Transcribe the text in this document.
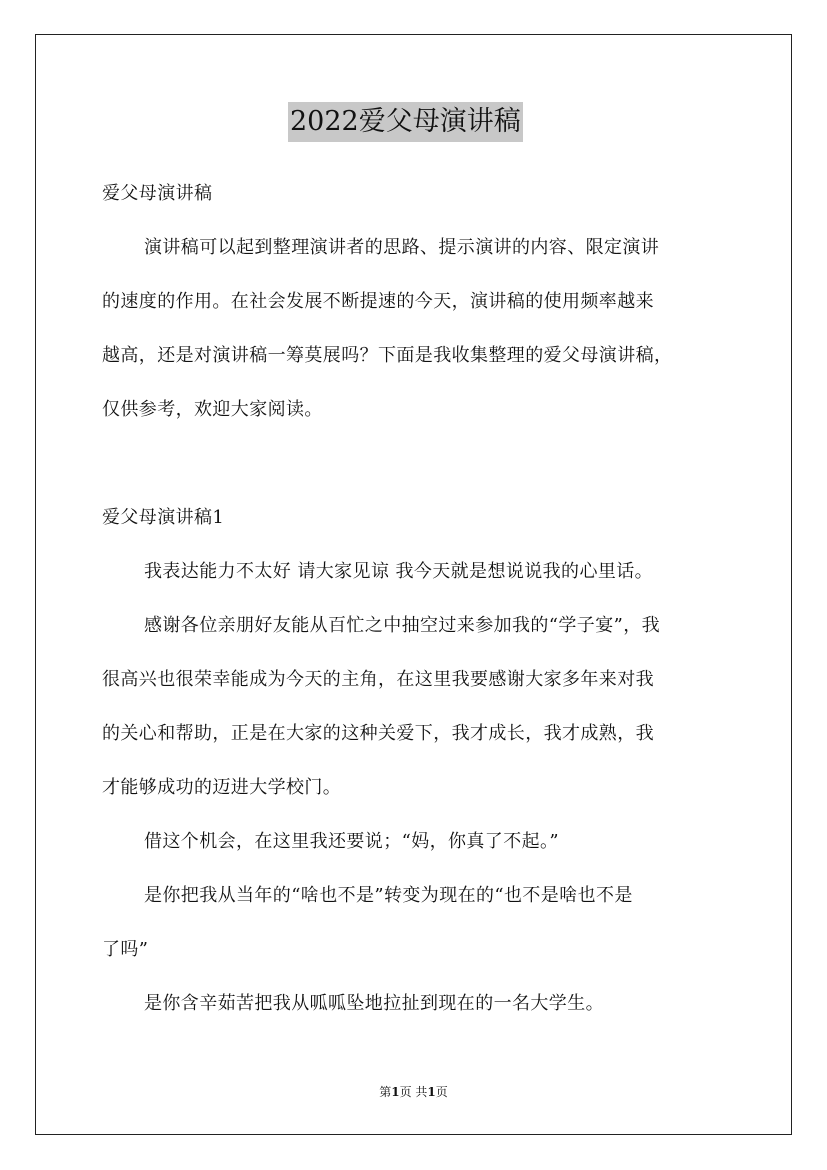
2022爱父母演讲稿
爱父母演讲稿
演讲稿可以起到整理演讲者的思路、提示演讲的内容、限定演讲
的速度的作用。在社会发展不断提速的今天，演讲稿的使用频率越来
越高，还是对演讲稿一筹莫展吗？下面是我收集整理的爱父母演讲稿，
仅供参考，欢迎大家阅读。
爱父母演讲稿1
我表达能力不太好 请大家见谅 我今天就是想说说我的心里话。
感谢各位亲朋好友能从百忙之中抽空过来参加我的“学子宴”，我
很高兴也很荣幸能成为今天的主角，在这里我要感谢大家多年来对我
的关心和帮助，正是在大家的这种关爱下，我才成长，我才成熟，我
才能够成功的迈进大学校门。
借这个机会，在这里我还要说；“妈，你真了不起。”
是你把我从当年的“啥也不是”转变为现在的“也不是啥也不是
了吗”
是你含辛茹苦把我从呱呱坠地拉扯到现在的一名大学生。
第1页 共1页
